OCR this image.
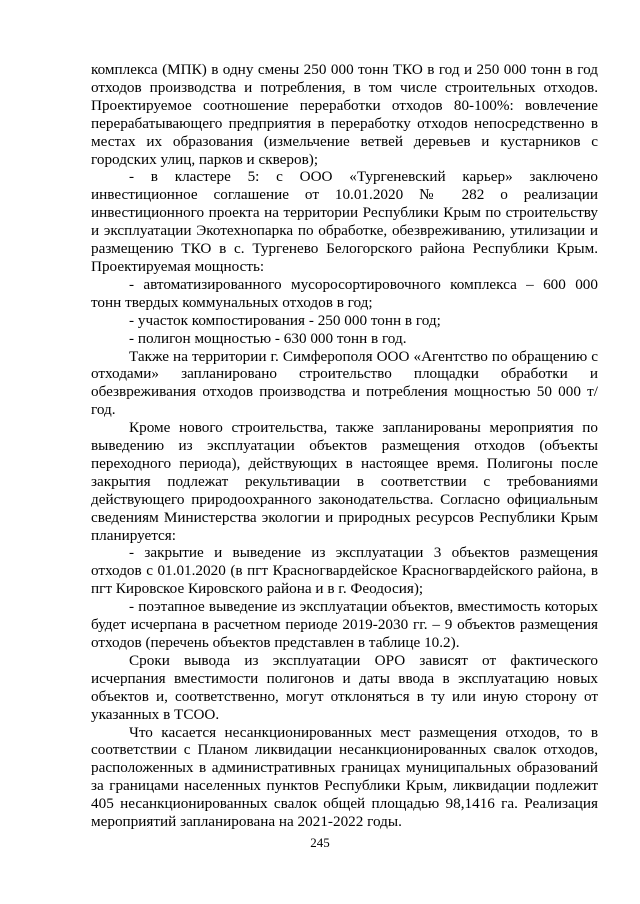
комплекса (МПК) в одну смены 250 000 тонн ТКО в год и 250 000 тонн в год отходов производства и потребления, в том числе строительных отходов. Проектируемое соотношение переработки отходов 80-100%: вовлечение перерабатывающего предприятия в переработку отходов непосредственно в местах их образования (измельчение ветвей деревьев и кустарников с городских улиц, парков и скверов);

- в кластере 5: с ООО «Тургеневский карьер» заключено инвестиционное соглашение от 10.01.2020 № 282 о реализации инвестиционного проекта на территории Республики Крым по строительству и эксплуатации Экотехнопарка по обработке, обезвреживанию, утилизации и размещению ТКО в с. Тургенево Белогорского района Республики Крым. Проектируемая мощность:

- автоматизированного мусоросортировочного комплекса – 600 000 тонн твердых коммунальных отходов в год;

- участок компостирования - 250 000 тонн в год;

- полигон мощностью - 630 000 тонн в год.

Также на территории г. Симферополя ООО «Агентство по обращению с отходами» запланировано строительство площадки обработки и обезвреживания отходов производства и потребления мощностью 50 000 т/год.

Кроме нового строительства, также запланированы мероприятия по выведению из эксплуатации объектов размещения отходов (объекты переходного периода), действующих в настоящее время. Полигоны после закрытия подлежат рекультивации в соответствии с требованиями действующего природоохранного законодательства. Согласно официальным сведениям Министерства экологии и природных ресурсов Республики Крым планируется:

- закрытие и выведение из эксплуатации 3 объектов размещения отходов с 01.01.2020 (в пгт Красногвардейское Красногвардейского района, в пгт Кировское Кировского района и в г. Феодосия);

- поэтапное выведение из эксплуатации объектов, вместимость которых будет исчерпана в расчетном периоде 2019-2030 гг. – 9 объектов размещения отходов (перечень объектов представлен в таблице 10.2).

Сроки вывода из эксплуатации ОРО зависят от фактического исчерпания вместимости полигонов и даты ввода в эксплуатацию новых объектов и, соответственно, могут отклоняться в ту или иную сторону от указанных в ТСОО.

Что касается несанкционированных мест размещения отходов, то в соответствии с Планом ликвидации несанкционированных свалок отходов, расположенных в административных границах муниципальных образований за границами населенных пунктов Республики Крым, ликвидации подлежит 405 несанкционированных свалок общей площадью 98,1416 га. Реализация мероприятий запланирована на 2021-2022 годы.

245
